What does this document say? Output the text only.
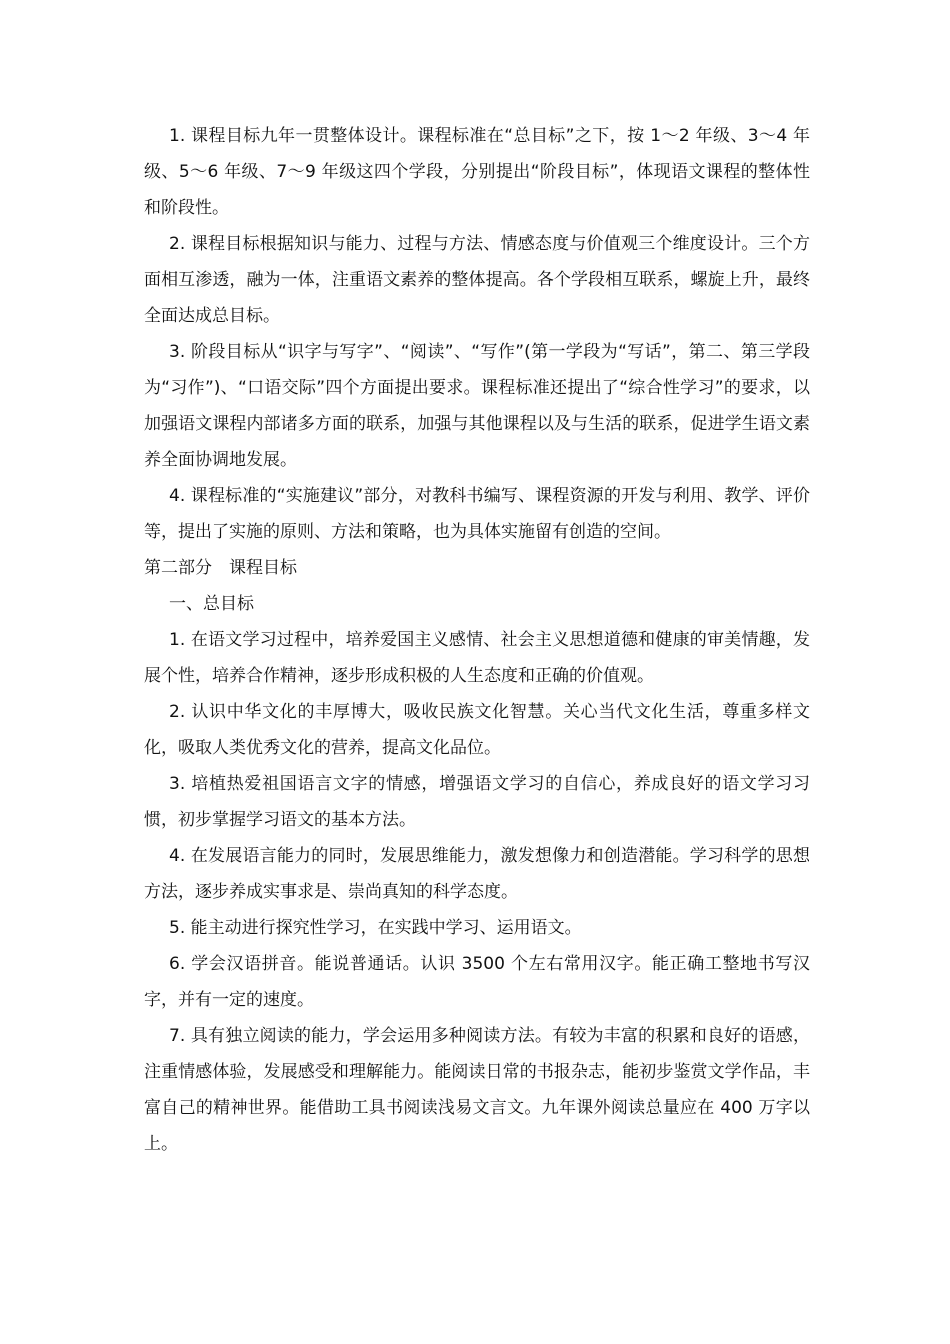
1. 课程目标九年一贯整体设计。课程标准在“总目标”之下，按 1～2 年级、3～4 年级、5～6 年级、7～9 年级这四个学段，分别提出“阶段目标”，体现语文课程的整体性和阶段性。

2. 课程目标根据知识与能力、过程与方法、情感态度与价值观三个维度设计。三个方面相互渗透，融为一体，注重语文素养的整体提高。各个学段相互联系，螺旋上升，最终全面达成总目标。

3. 阶段目标从“识字与写字”、“阅读”、“写作”(第一学段为“写话”，第二、第三学段为“习作”)、“口语交际”四个方面提出要求。课程标准还提出了“综合性学习”的要求，以加强语文课程内部诸多方面的联系，加强与其他课程以及与生活的联系，促进学生语文素养全面协调地发展。

4. 课程标准的“实施建议”部分，对教科书编写、课程资源的开发与利用、教学、评价等，提出了实施的原则、方法和策略，也为具体实施留有创造的空间。

第二部分　课程目标

一、总目标

1. 在语文学习过程中，培养爱国主义感情、社会主义思想道德和健康的审美情趣，发展个性，培养合作精神，逐步形成积极的人生态度和正确的价值观。

2. 认识中华文化的丰厚博大，吸收民族文化智慧。关心当代文化生活，尊重多样文化，吸取人类优秀文化的营养，提高文化品位。

3. 培植热爱祖国语言文字的情感，增强语文学习的自信心，养成良好的语文学习习惯，初步掌握学习语文的基本方法。

4. 在发展语言能力的同时，发展思维能力，激发想像力和创造潜能。学习科学的思想方法，逐步养成实事求是、崇尚真知的科学态度。

5. 能主动进行探究性学习，在实践中学习、运用语文。

6. 学会汉语拼音。能说普通话。认识 3500 个左右常用汉字。能正确工整地书写汉字，并有一定的速度。

7. 具有独立阅读的能力，学会运用多种阅读方法。有较为丰富的积累和良好的语感，注重情感体验，发展感受和理解能力。能阅读日常的书报杂志，能初步鉴赏文学作品，丰富自己的精神世界。能借助工具书阅读浅易文言文。九年课外阅读总量应在 400 万字以上。
